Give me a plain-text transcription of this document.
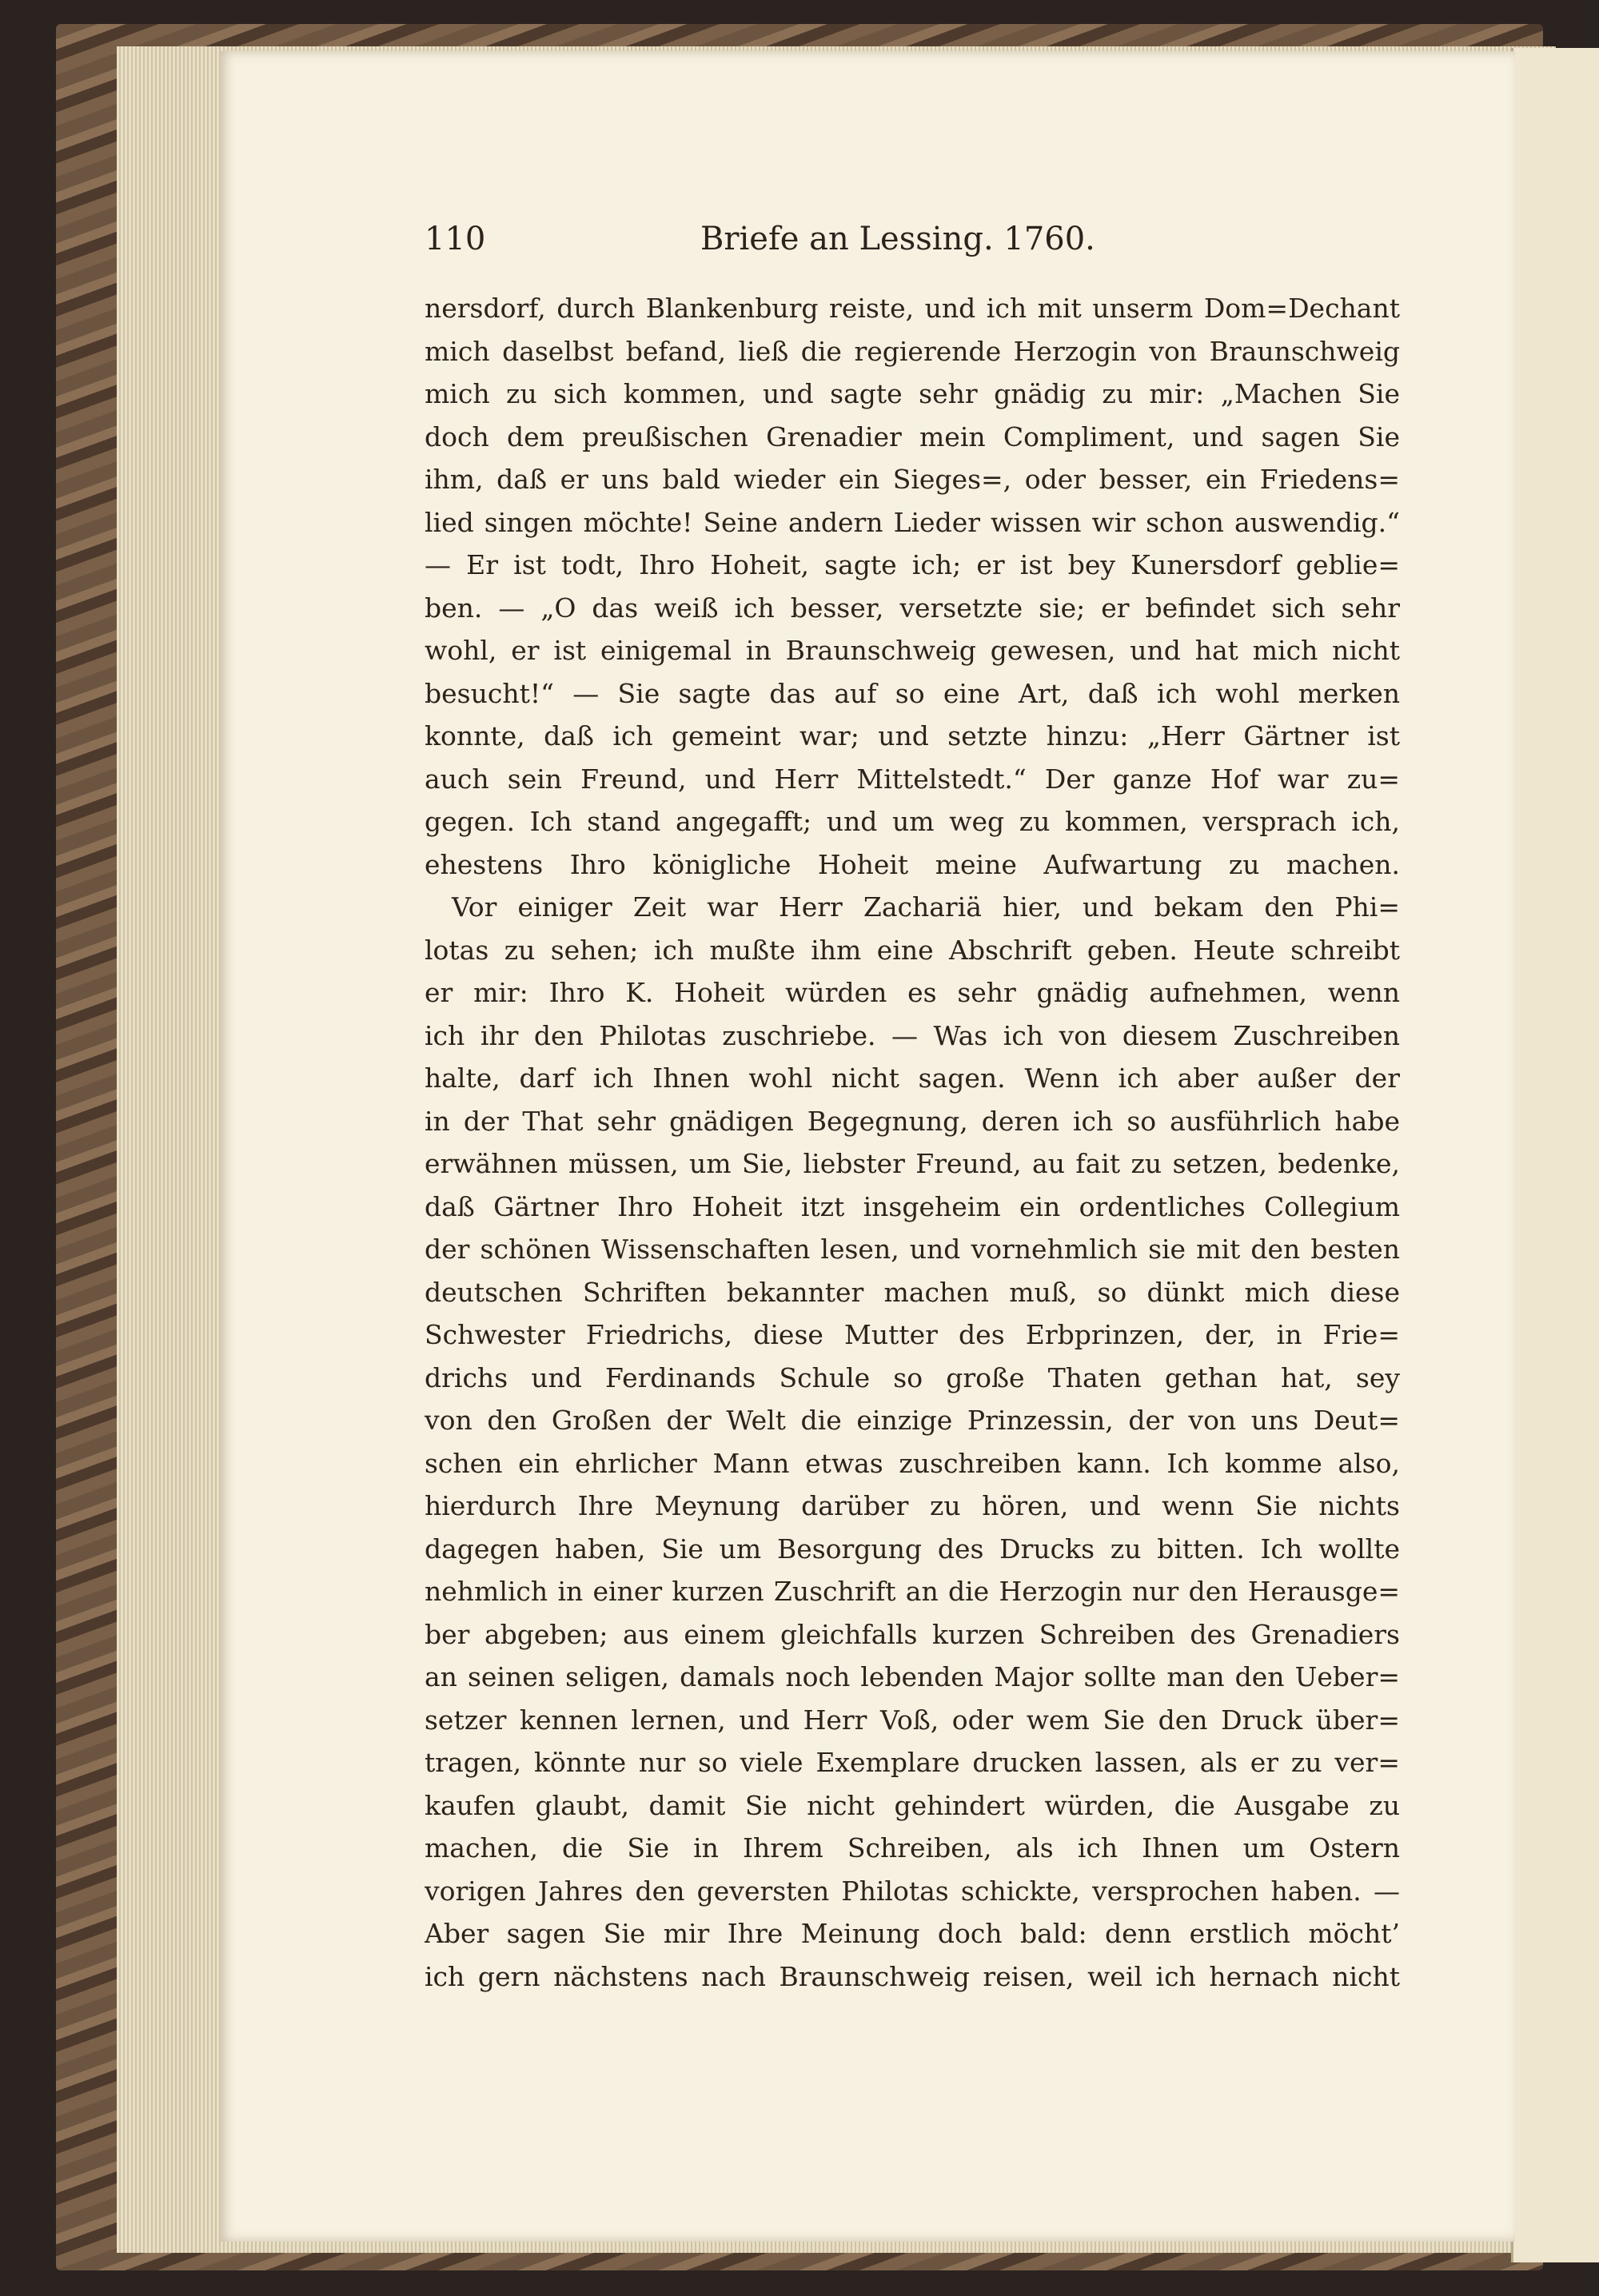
110	Briefe an Lessing. 1760.
nersdorf, durch Blankenburg reiste, und ich mit unserm Dom=Dechant
mich daselbst befand, ließ die regierende Herzogin von Braunschweig
mich zu sich kommen, und sagte sehr gnädig zu mir: „Machen Sie
doch dem preußischen Grenadier mein Compliment, und sagen Sie
ihm, daß er uns bald wieder ein Sieges=, oder besser, ein Friedens=
lied singen möchte! Seine andern Lieder wissen wir schon auswendig.“
— Er ist todt, Ihro Hoheit, sagte ich; er ist bey Kunersdorf geblie=
ben. — „O das weiß ich besser, versetzte sie; er befindet sich sehr
wohl, er ist einigemal in Braunschweig gewesen, und hat mich nicht
besucht!“ — Sie sagte das auf so eine Art, daß ich wohl merken
konnte, daß ich gemeint war; und setzte hinzu: „Herr Gärtner ist
auch sein Freund, und Herr Mittelstedt.“ Der ganze Hof war zu=
gegen. Ich stand angegafft; und um weg zu kommen, versprach ich,
ehestens Ihro königliche Hoheit meine Aufwartung zu machen.
Vor einiger Zeit war Herr Zachariä hier, und bekam den Phi=
lotas zu sehen; ich mußte ihm eine Abschrift geben. Heute schreibt
er mir: Ihro K. Hoheit würden es sehr gnädig aufnehmen, wenn
ich ihr den Philotas zuschriebe. — Was ich von diesem Zuschreiben
halte, darf ich Ihnen wohl nicht sagen. Wenn ich aber außer der
in der That sehr gnädigen Begegnung, deren ich so ausführlich habe
erwähnen müssen, um Sie, liebster Freund, au fait zu setzen, bedenke,
daß Gärtner Ihro Hoheit itzt insgeheim ein ordentliches Collegium
der schönen Wissenschaften lesen, und vornehmlich sie mit den besten
deutschen Schriften bekannter machen muß, so dünkt mich diese
Schwester Friedrichs, diese Mutter des Erbprinzen, der, in Frie=
drichs und Ferdinands Schule so große Thaten gethan hat, sey
von den Großen der Welt die einzige Prinzessin, der von uns Deut=
schen ein ehrlicher Mann etwas zuschreiben kann. Ich komme also,
hierdurch Ihre Meynung darüber zu hören, und wenn Sie nichts
dagegen haben, Sie um Besorgung des Drucks zu bitten. Ich wollte
nehmlich in einer kurzen Zuschrift an die Herzogin nur den Herausge=
ber abgeben; aus einem gleichfalls kurzen Schreiben des Grenadiers
an seinen seligen, damals noch lebenden Major sollte man den Ueber=
setzer kennen lernen, und Herr Voß, oder wem Sie den Druck über=
tragen, könnte nur so viele Exemplare drucken lassen, als er zu ver=
kaufen glaubt, damit Sie nicht gehindert würden, die Ausgabe zu
machen, die Sie in Ihrem Schreiben, als ich Ihnen um Ostern
vorigen Jahres den geversten Philotas schickte, versprochen haben. —
Aber sagen Sie mir Ihre Meinung doch bald: denn erstlich möcht’
ich gern nächstens nach Braunschweig reisen, weil ich hernach nicht
